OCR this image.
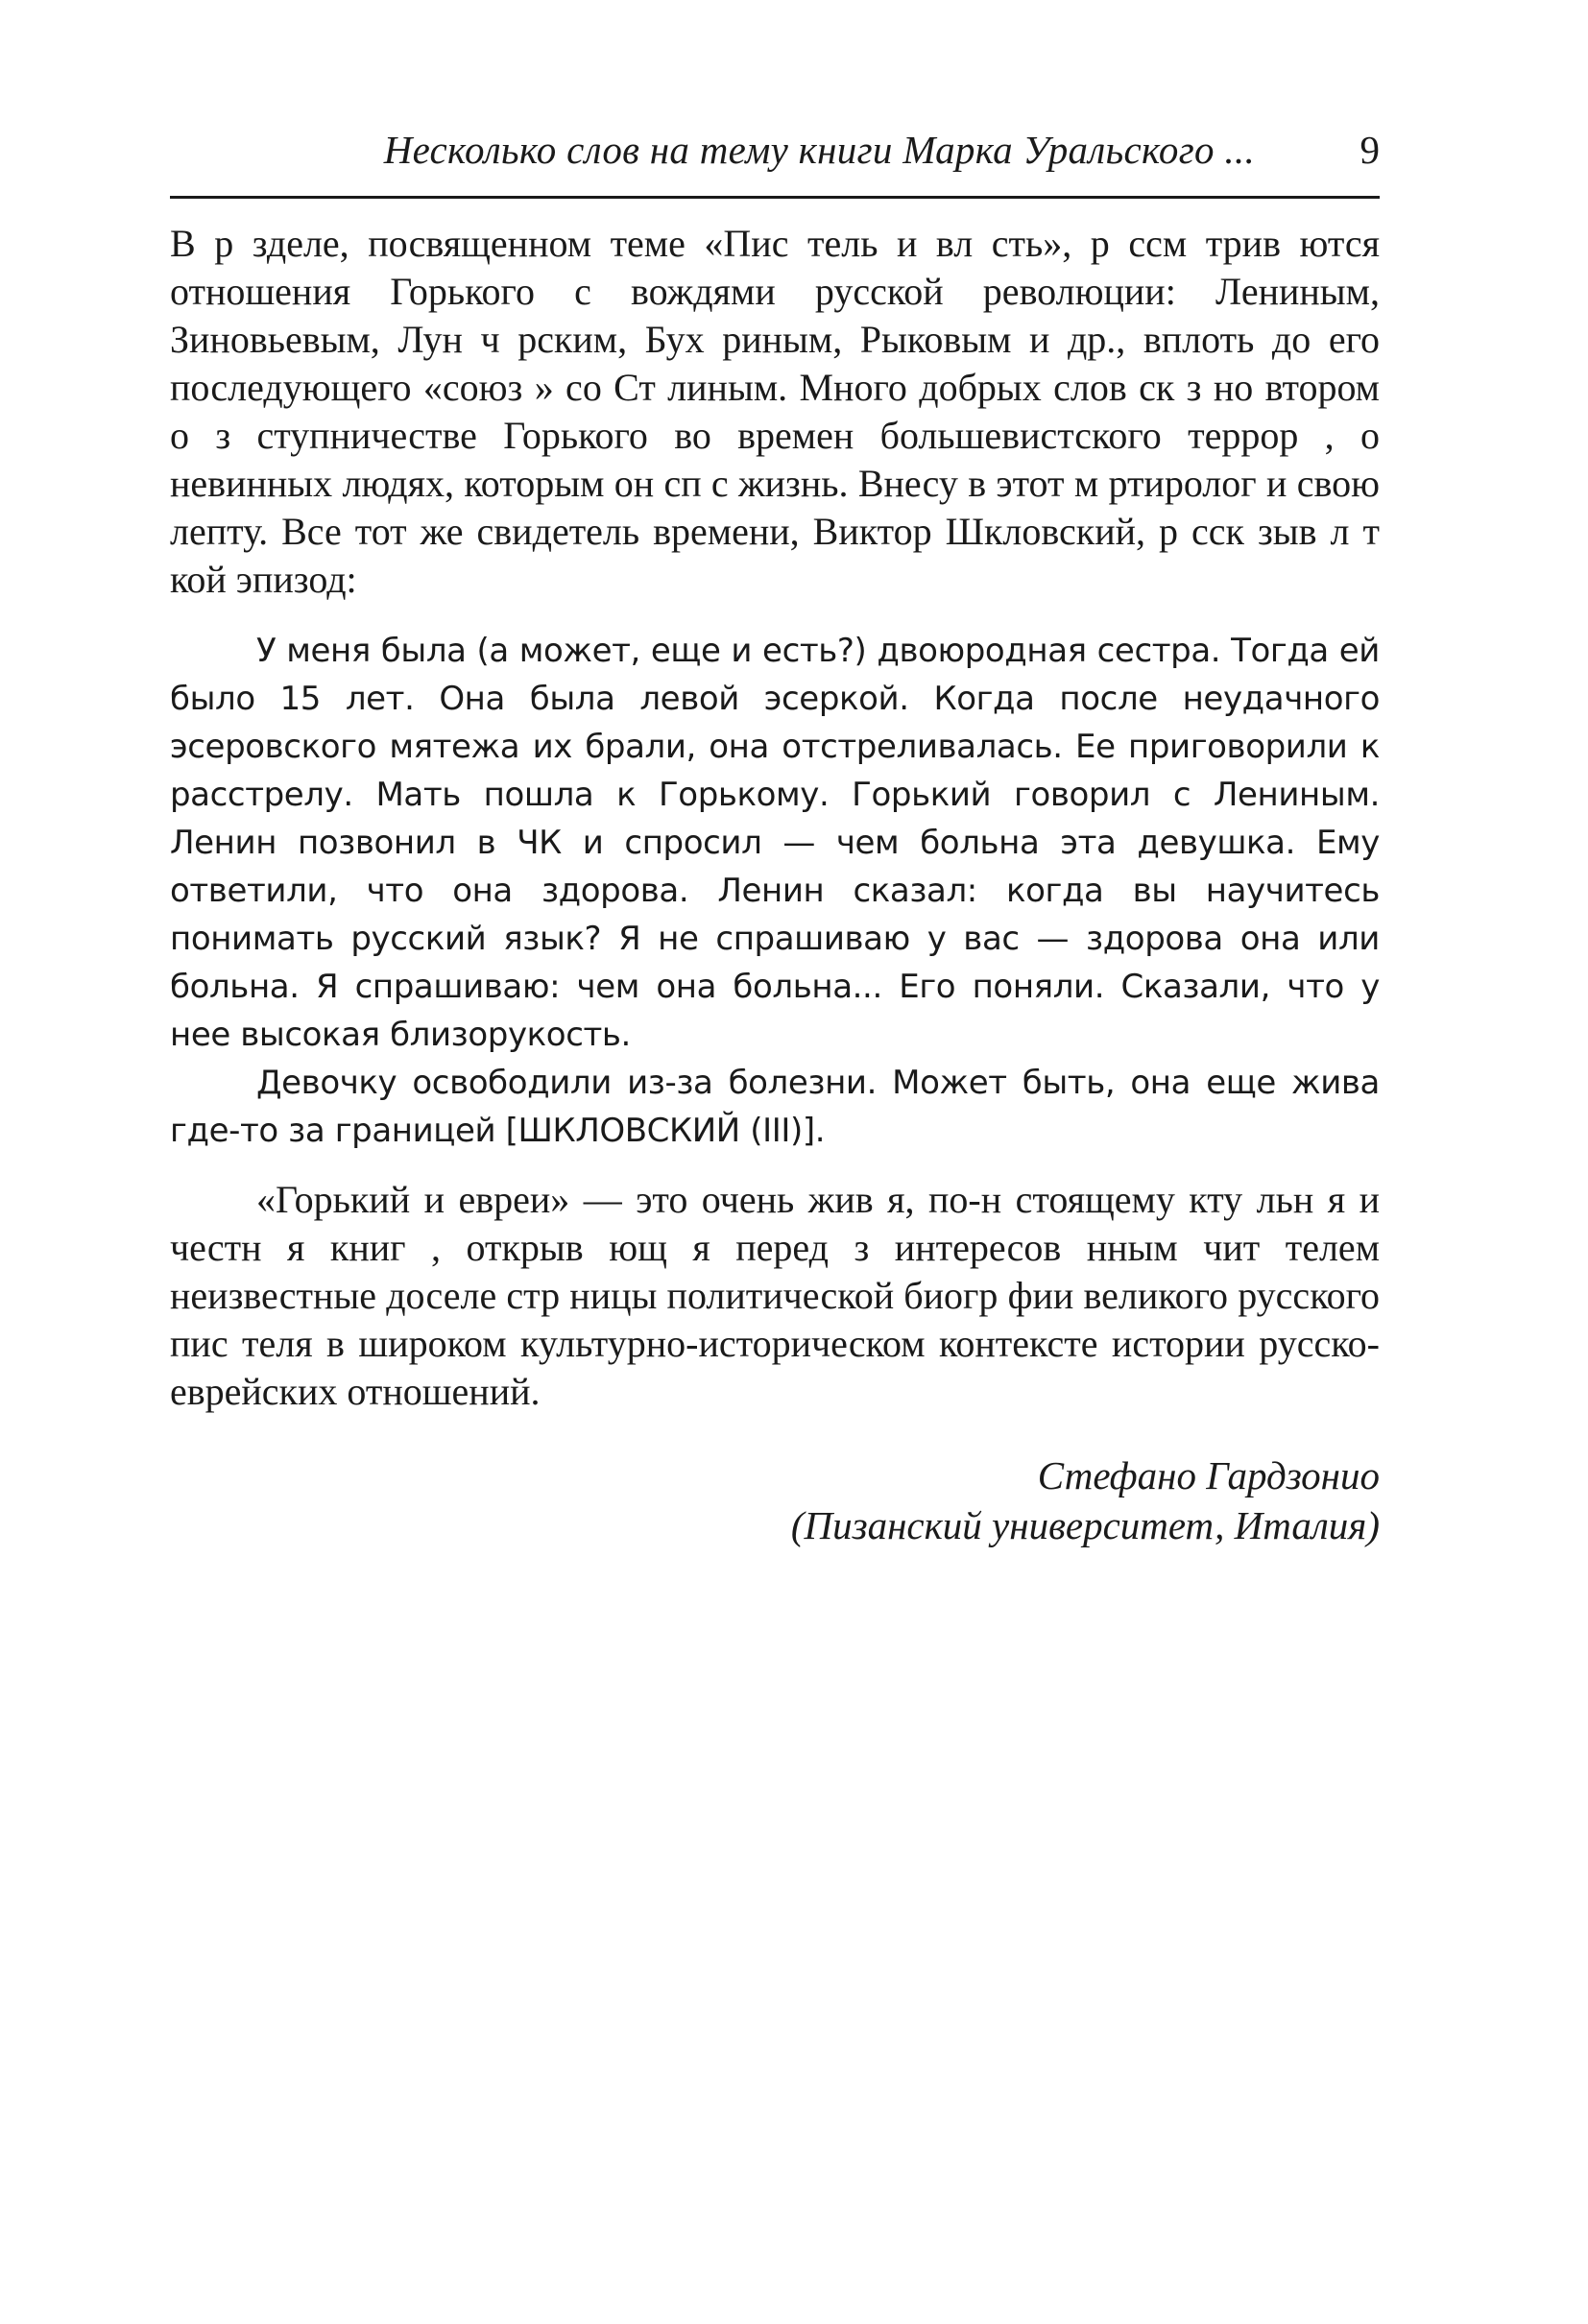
Несколько слов на тему книги Марка Уральского ...	9

В р зделе, посвященном теме «Пис тель и вл сть», р ссм трив ются отношения Горького с вождями русской революции: Лениным, Зиновьевым, Лун ч рским, Бух риным, Рыковым и др., вплоть до его последующего «союз » со Ст линым. Много добрых слов ск з но втором о з ступничестве Горького во времен большевистского террор , о невинных людях, которым он сп с жизнь. Внесу в этот м ртиролог и свою лепту. Все тот же свидетель времени, Виктор Шкловский, р сск зыв л т кой эпизод:

У меня была (а может, еще и есть?) двоюродная сестра. Тогда ей было 15 лет. Она была левой эсеркой. Когда после неудачного эсеровского мятежа их брали, она отстреливалась. Ее приговорили к расстрелу. Мать пошла к Горькому. Горький говорил с Лениным. Ленин позвонил в ЧК и спросил — чем больна эта девушка. Ему ответили, что она здорова. Ленин сказал: когда вы научитесь понимать русский язык? Я не спрашиваю у вас — здорова она или больна. Я спрашиваю: чем она больна... Его поняли. Сказали, что у нее высокая близорукость.

Девочку освободили из-за болезни. Может быть, она еще жива где-то за границей [ШКЛОВСКИЙ (III)].

«Горький и евреи» — это очень жив я, по-н стоящему кту льн я и честн я книг , открыв ющ я перед з интересов нным чит телем неизвестные доселе стр ницы политической биогр фии великого русского пис теля в широком культурно-историческом контексте истории русско-еврейских отношений.

Стефано Гардзонио
(Пизанский университет, Италия)
